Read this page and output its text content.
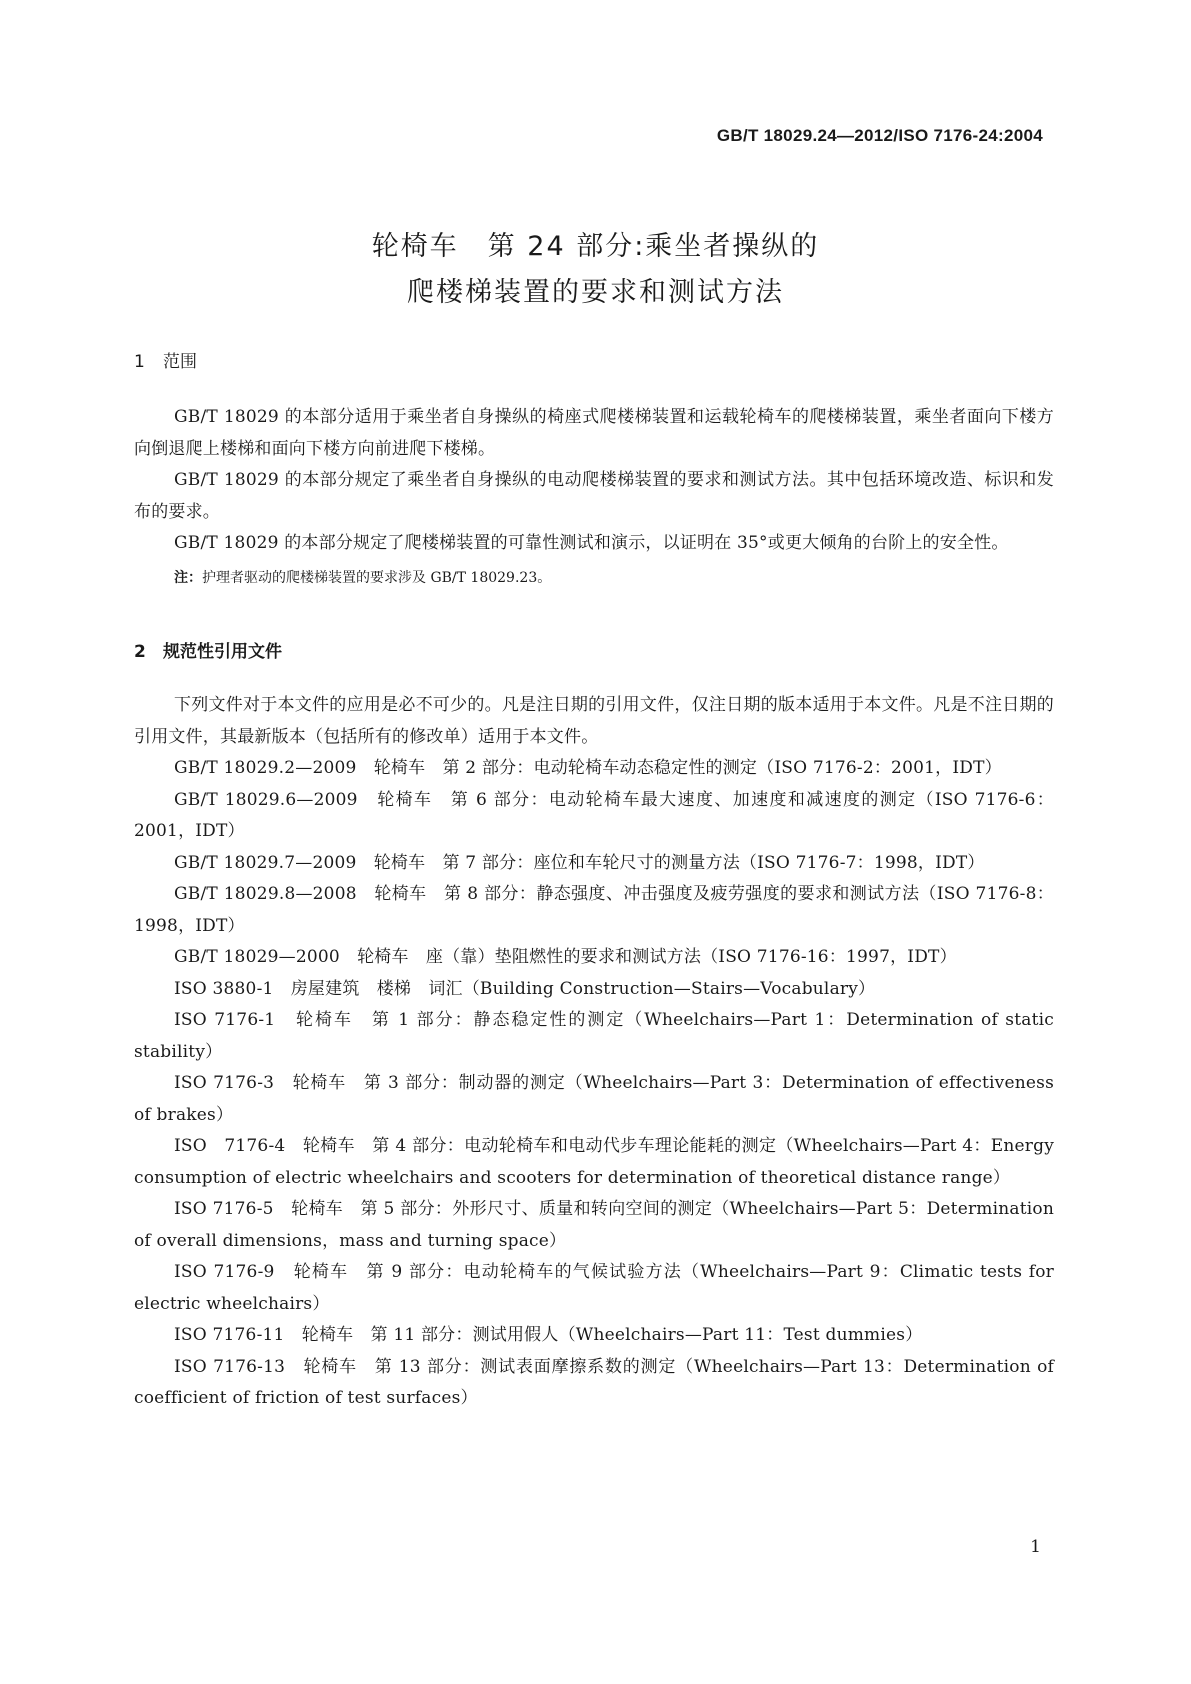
GB/T 18029.24—2012/ISO 7176-24:2004
轮椅车　第 24 部分:乘坐者操纵的
爬楼梯装置的要求和测试方法
1 范围

GB/T 18029 的本部分适用于乘坐者自身操纵的椅座式爬楼梯装置和运载轮椅车的爬楼梯装置，乘坐者面向下楼方向倒退爬上楼梯和面向下楼方向前进爬下楼梯。

GB/T 18029 的本部分规定了乘坐者自身操纵的电动爬楼梯装置的要求和测试方法。其中包括环境改造、标识和发布的要求。

GB/T 18029 的本部分规定了爬楼梯装置的可靠性测试和演示，以证明在 35°或更大倾角的台阶上的安全性。

注：护理者驱动的爬楼梯装置的要求涉及 GB/T 18029.23。

2 规范性引用文件

下列文件对于本文件的应用是必不可少的。凡是注日期的引用文件，仅注日期的版本适用于本文件。凡是不注日期的引用文件，其最新版本（包括所有的修改单）适用于本文件。

GB/T 18029.2—2009　轮椅车　第 2 部分：电动轮椅车动态稳定性的测定（ISO 7176-2：2001，IDT）

GB/T 18029.6—2009　轮椅车　第 6 部分：电动轮椅车最大速度、加速度和减速度的测定（ISO 7176-6：2001，IDT）

GB/T 18029.7—2009　轮椅车　第 7 部分：座位和车轮尺寸的测量方法（ISO 7176-7：1998，IDT）

GB/T 18029.8—2008　轮椅车　第 8 部分：静态强度、冲击强度及疲劳强度的要求和测试方法（ISO 7176-8：1998，IDT）

GB/T 18029—2000　轮椅车　座（靠）垫阻燃性的要求和测试方法（ISO 7176-16：1997，IDT）

ISO 3880-1　房屋建筑　楼梯　词汇（Building Construction—Stairs—Vocabulary）

ISO 7176-1　轮椅车　第 1 部分：静态稳定性的测定（Wheelchairs—Part 1：Determination of static stability）

ISO 7176-3　轮椅车　第 3 部分：制动器的测定（Wheelchairs—Part 3：Determination of effectiveness of brakes）

ISO　7176-4　轮椅车　第 4 部分：电动轮椅车和电动代步车理论能耗的测定（Wheelchairs—Part 4：Energy consumption of electric wheelchairs and scooters for determination of theoretical distance range）

ISO 7176-5　轮椅车　第 5 部分：外形尺寸、质量和转向空间的测定（Wheelchairs—Part 5：Determination of overall dimensions，mass and turning space）

ISO 7176-9　轮椅车　第 9 部分：电动轮椅车的气候试验方法（Wheelchairs—Part 9：Climatic tests for electric wheelchairs）

ISO 7176-11　轮椅车　第 11 部分：测试用假人（Wheelchairs—Part 11：Test dummies）

ISO 7176-13　轮椅车　第 13 部分：测试表面摩擦系数的测定（Wheelchairs—Part 13：Determination of coefficient of friction of test surfaces）

1
